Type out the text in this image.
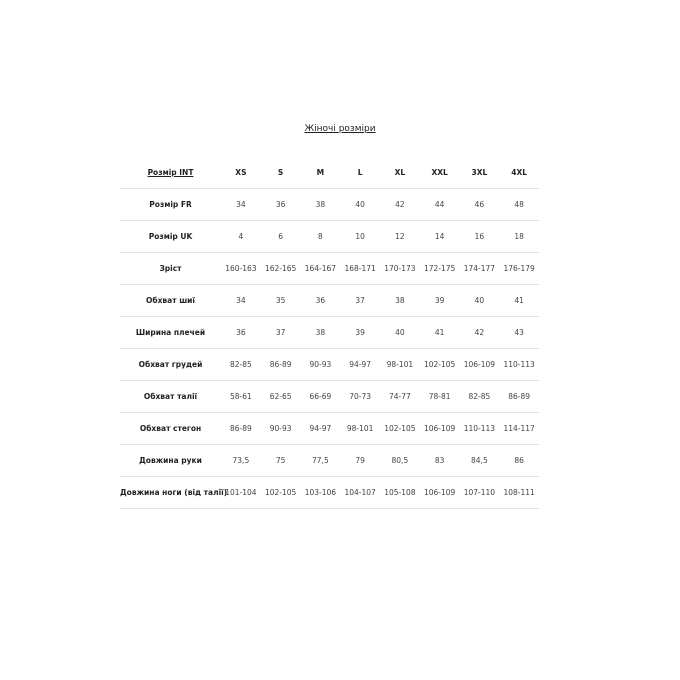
Жіночі розміри
Розмір INT	XS	S	M	L	XL	XXL	3XL	4XL
Розмір FR	34	36	38	40	42	44	46	48
Розмір UK	4	6	8	10	12	14	16	18
Зріст	160-163	162-165	164-167	168-171	170-173	172-175	174-177	176-179
Обхват шиї	34	35	36	37	38	39	40	41
Ширина плечей	36	37	38	39	40	41	42	43
Обхват грудей	82-85	86-89	90-93	94-97	98-101	102-105	106-109	110-113
Обхват талії	58-61	62-65	66-69	70-73	74-77	78-81	82-85	86-89
Обхват стегон	86-89	90-93	94-97	98-101	102-105	106-109	110-113	114-117
Довжина руки	73,5	75	77,5	79	80,5	83	84,5	86
Довжина ноги (від талії)	101-104	102-105	103-106	104-107	105-108	106-109	107-110	108-111
